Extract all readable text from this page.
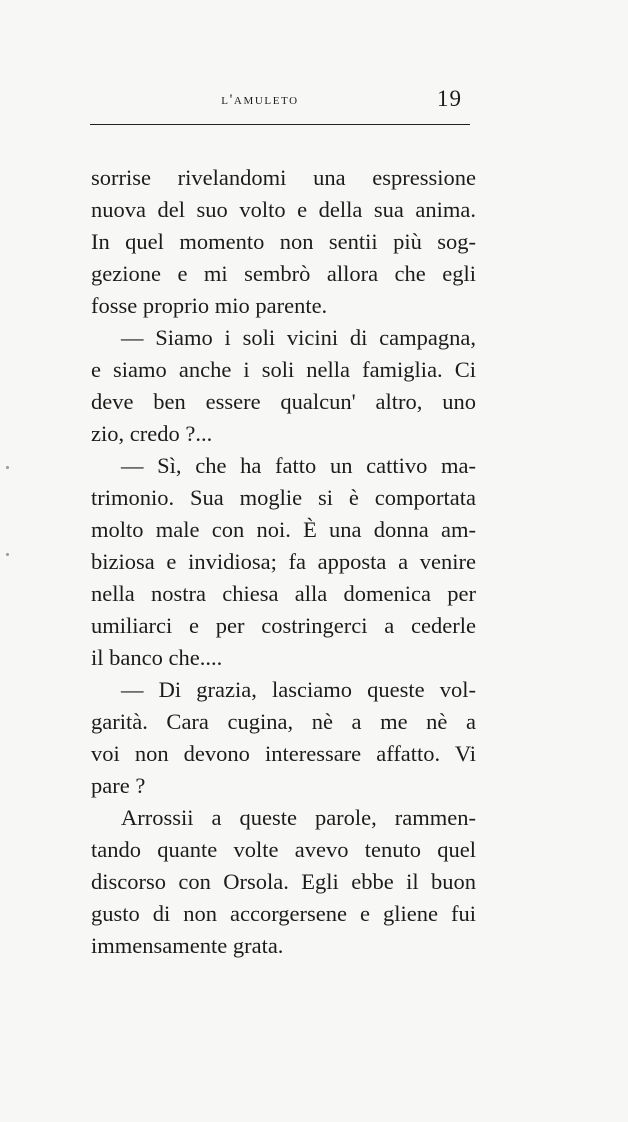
l'amuleto	19
sorrise rivelandomi una espressione
nuova del suo volto e della sua anima.
In quel momento non sentii più sog-
gezione e mi sembrò allora che egli
fosse proprio mio parente.
— Siamo i soli vicini di campagna,
e siamo anche i soli nella famiglia. Ci
deve ben essere qualcun' altro, uno
zio, credo ?...
— Sì, che ha fatto un cattivo ma-
trimonio. Sua moglie si è comportata
molto male con noi. È una donna am-
biziosa e invidiosa; fa apposta a venire
nella nostra chiesa alla domenica per
umiliarci e per costringerci a cederle
il banco che....
— Di grazia, lasciamo queste vol-
garità. Cara cugina, nè a me nè a
voi non devono interessare affatto. Vi
pare ?
Arrossii a queste parole, rammen-
tando quante volte avevo tenuto quel
discorso con Orsola. Egli ebbe il buon
gusto di non accorgersene e gliene fui
immensamente grata.
